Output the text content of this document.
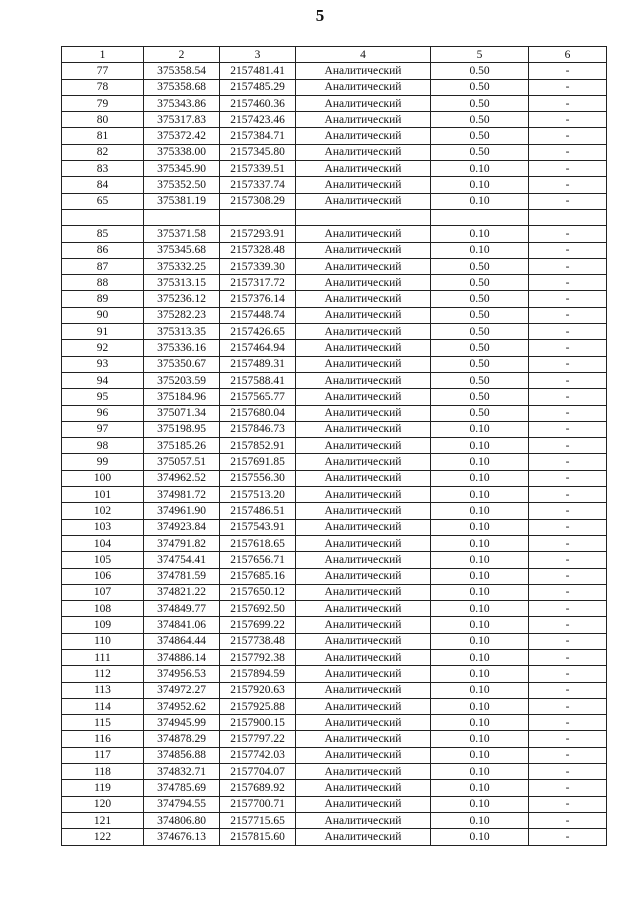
5
1	2	3	4	5	6
77	375358.54	2157481.41	Аналитический	0.50	-
78	375358.68	2157485.29	Аналитический	0.50	-
79	375343.86	2157460.36	Аналитический	0.50	-
80	375317.83	2157423.46	Аналитический	0.50	-
81	375372.42	2157384.71	Аналитический	0.50	-
82	375338.00	2157345.80	Аналитический	0.50	-
83	375345.90	2157339.51	Аналитический	0.10	-
84	375352.50	2157337.74	Аналитический	0.10	-
65	375381.19	2157308.29	Аналитический	0.10	-

85	375371.58	2157293.91	Аналитический	0.10	-
86	375345.68	2157328.48	Аналитический	0.10	-
87	375332.25	2157339.30	Аналитический	0.50	-
88	375313.15	2157317.72	Аналитический	0.50	-
89	375236.12	2157376.14	Аналитический	0.50	-
90	375282.23	2157448.74	Аналитический	0.50	-
91	375313.35	2157426.65	Аналитический	0.50	-
92	375336.16	2157464.94	Аналитический	0.50	-
93	375350.67	2157489.31	Аналитический	0.50	-
94	375203.59	2157588.41	Аналитический	0.50	-
95	375184.96	2157565.77	Аналитический	0.50	-
96	375071.34	2157680.04	Аналитический	0.50	-
97	375198.95	2157846.73	Аналитический	0.10	-
98	375185.26	2157852.91	Аналитический	0.10	-
99	375057.51	2157691.85	Аналитический	0.10	-
100	374962.52	2157556.30	Аналитический	0.10	-
101	374981.72	2157513.20	Аналитический	0.10	-
102	374961.90	2157486.51	Аналитический	0.10	-
103	374923.84	2157543.91	Аналитический	0.10	-
104	374791.82	2157618.65	Аналитический	0.10	-
105	374754.41	2157656.71	Аналитический	0.10	-
106	374781.59	2157685.16	Аналитический	0.10	-
107	374821.22	2157650.12	Аналитический	0.10	-
108	374849.77	2157692.50	Аналитический	0.10	-
109	374841.06	2157699.22	Аналитический	0.10	-
110	374864.44	2157738.48	Аналитический	0.10	-
111	374886.14	2157792.38	Аналитический	0.10	-
112	374956.53	2157894.59	Аналитический	0.10	-
113	374972.27	2157920.63	Аналитический	0.10	-
114	374952.62	2157925.88	Аналитический	0.10	-
115	374945.99	2157900.15	Аналитический	0.10	-
116	374878.29	2157797.22	Аналитический	0.10	-
117	374856.88	2157742.03	Аналитический	0.10	-
118	374832.71	2157704.07	Аналитический	0.10	-
119	374785.69	2157689.92	Аналитический	0.10	-
120	374794.55	2157700.71	Аналитический	0.10	-
121	374806.80	2157715.65	Аналитический	0.10	-
122	374676.13	2157815.60	Аналитический	0.10	-
